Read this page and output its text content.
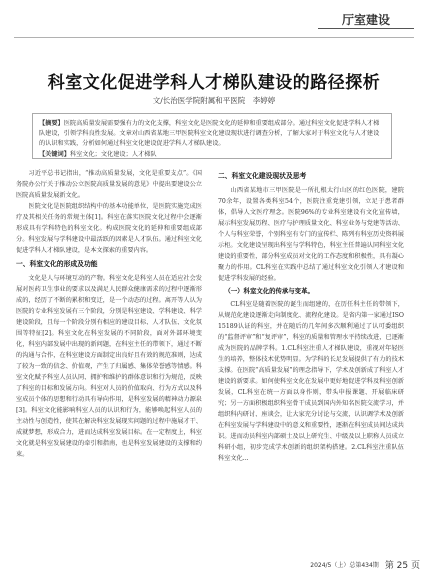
厅室建设
科室文化促进学科人才梯队建设的路径探析
文/长治医学院附属和平医院　李婷婷
【摘要】医院高质量发展需要强有力的文化支撑，科室文化是医院文化的延伸和重要组成部分。通过科室文化促进学科人才梯队建设，引领学科良性发展。文章对山西省某地三甲医院科室文化建设现状进行调查分析，了解大家对于科室文化与人才建设的认识和实践，分析如何通过科室文化建设促进学科人才梯队建设。
【关键词】科室文化；文化建设；人才梯队

习近平总书记指出，“推动高质量发展，文化是重要支点”。《国务院办公厅关于推动公立医院高质量发展的意见》中提出要建设公立医院高质量发展新文化。

医院文化是医院组织结构中的基本功能单位，是医院实施完成医疗及其相关任务的常规主体[1]。科室在落实医院文化过程中会逐渐形成具有学科特色的科室文化。构成医院文化的延伸和重要组成部分。科室发展与学科建设中最活跃的因素是人才队伍。通过科室文化促进学科人才梯队建设，是本文探索的重要内容。

一、科室文化的形成及功能

文化是人与环境互动的产物。科室文化是科室人员在适应社会发展对医药卫生事业的要求以及满足人民群众健康需求的过程中逐渐形成的，经历了不断的累积和变迁，是一个动态的过程。离开等人认为医院的专业科室发展有三个阶段，分别是科室建设、学科建设、科学建设阶段，且每一个阶段分别有相应的建设目标、人才队伍、文化氛围等特征[2]。科室文化在科室发展的不同阶段，面对外部环境变化，科室内部发展中出现的新问题，在科室主任的带领下，通过不断的沟通与合作，在科室建设方面制定出良好且有效的规范准则，达成了较为一致的信念、价值观，产生了归属感、集体荣誉感等情感。科室文化赋予科室人员认同、拥护和维护的群体意识和行为规范，反映了科室的目标和发展方向。科室对人员的价值取向、行为方式以及科室成员个体的思想和行动具有导向作用，是科室发展的精神动力源泉[3]。科室文化能影响科室人员的认识和行为，能够唤起科室人员的主动性与创造性，使其在解决科室发展现实问题的过程中施展才干、成就梦想，形成合力，进而达成科室发展目标。在一定程度上，科室文化就是科室发展建设的牵引和指南，也是科室发展建设的支撑和约束。

二、科室文化建设现状及思考

山西省某地市三甲医院是一所扎根太行山区的红色医院，建院70余年，设置各类科室54个，医院注重党建引领，立足于患者群体，倡导人文医疗理念。医院96%的专业科室建设有文化宣传墙，展示科室发展历程、医疗与护理质量文化、科室业务与党建等活动、个人与科室荣誉，个别科室有专门的宣传栏、陈列有科室历史资料展示柜。文化建设呈现出科室与学科特色，科室主任普遍认同科室文化建设的重要性，部分科室成员对文化的工作态度和积极性，具有凝心聚力的作用。CL科室在实践中总结了通过科室文化引领人才建设和促进学科发展的经验。

（一）科室文化的传承与变革。

CL科室是随着医院的诞生而组建的，在历任科主任的带领下，从规范化建设逐渐走向制度化、流程化建设。是省内第一家通过ISO 15189认证的科室，并在随后的几年间多次顺利通过了认可委组织的“监督评审”和“复评审”，科室的质量和管理水平持续改进，已逐渐成为医院的品牌学科。1.CL科室注重人才梯队建设，重视对年轻医生的培养，整体技术优势明显。为学科的长足发展提供了有力的技术支撑。在医院“高质量发展”的理念指导下，学术及创新成了科室人才建设的新要求。如何使科室文化在发展中更好地促进学科及科室创新发展，CL科室在统一方面以身作则，带头申报课题、开展临床研究；另一方面积极组织科室骨干成员到国内外知名医院交流学习，并组织科内研讨、座谈会，让大家充分讨论与交流，认识调学术及创新在科室发展与学科建设中的意义和重要性，逐渐在科室成员间达成共识。进而动员科室内部硕士及以上研究生、中级及以上职称人员成立科研小组，初步完成学术创新的组织架构搭建。2.CL科室注重队伍科室文化...

2024/5（上）总第434期 第 25 页
